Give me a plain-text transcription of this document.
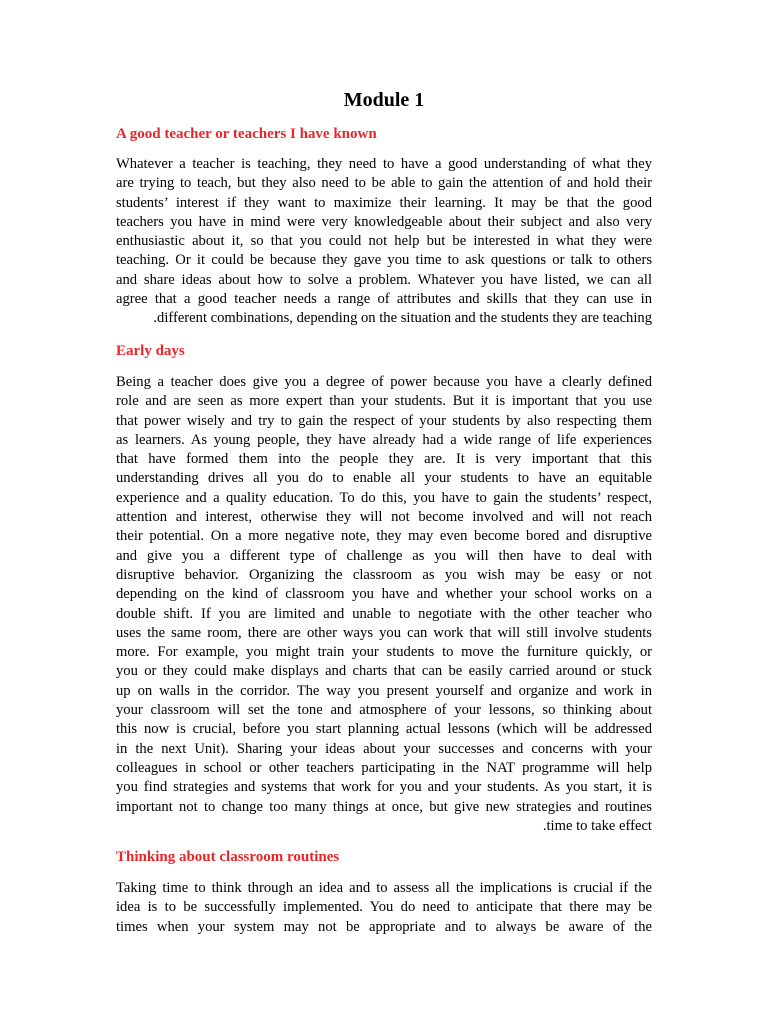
Module 1
A good teacher or teachers I have known
Whatever a teacher is teaching, they need to have a good understanding of what they
are trying to teach, but they also need to be able to gain the attention of and hold their
students’ interest if they want to maximize their learning. It may be that the good
teachers you have in mind were very knowledgeable about their subject and also very
enthusiastic about it, so that you could not help but be interested in what they were
teaching. Or it could be because they gave you time to ask questions or talk to others
and share ideas about how to solve a problem. Whatever you have listed, we can all
agree that a good teacher needs a range of attributes and skills that they can use in
.different combinations, depending on the situation and the students they are teaching
Early days
Being a teacher does give you a degree of power because you have a clearly defined
role and are seen as more expert than your students. But it is important that you use
that power wisely and try to gain the respect of your students by also respecting them
as learners. As young people, they have already had a wide range of life experiences
that have formed them into the people they are. It is very important that this
understanding drives all you do to enable all your students to have an equitable
experience and a quality education. To do this, you have to gain the students’ respect,
attention and interest, otherwise they will not become involved and will not reach
their potential. On a more negative note, they may even become bored and disruptive
and give you a different type of challenge as you will then have to deal with
disruptive behavior. Organizing the classroom as you wish may be easy or not
depending on the kind of classroom you have and whether your school works on a
double shift. If you are limited and unable to negotiate with the other teacher who
uses the same room, there are other ways you can work that will still involve students
more. For example, you might train your students to move the furniture quickly, or
you or they could make displays and charts that can be easily carried around or stuck
up on walls in the corridor. The way you present yourself and organize and work in
your classroom will set the tone and atmosphere of your lessons, so thinking about
this now is crucial, before you start planning actual lessons (which will be addressed
in the next Unit). Sharing your ideas about your successes and concerns with your
colleagues in school or other teachers participating in the NAT programme will help
you find strategies and systems that work for you and your students. As you start, it is
important not to change too many things at once, but give new strategies and routines
.time to take effect
Thinking about classroom routines
Taking time to think through an idea and to assess all the implications is crucial if the
idea is to be successfully implemented. You do need to anticipate that there may be
times when your system may not be appropriate and to always be aware of the
